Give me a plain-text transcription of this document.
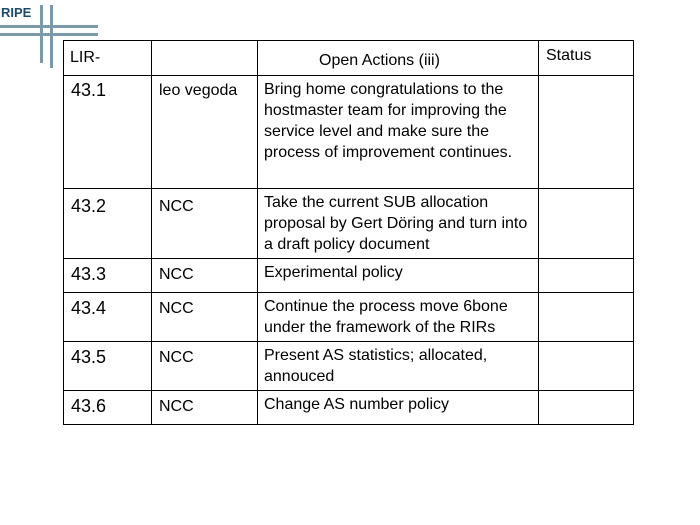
RIPE
LIR-		Open Actions (iii)	Status
43.1	leo vegoda	Bring home congratulations to the hostmaster team for improving the service level and make sure the process of improvement continues.	
43.2	NCC	Take the current SUB allocation proposal by Gert Döring and turn into a draft policy document	
43.3	NCC	Experimental policy	
43.4	NCC	Continue the process move 6bone under the framework of the RIRs	
43.5	NCC	Present AS statistics; allocated, annouced	
43.6	NCC	Change AS number policy	
